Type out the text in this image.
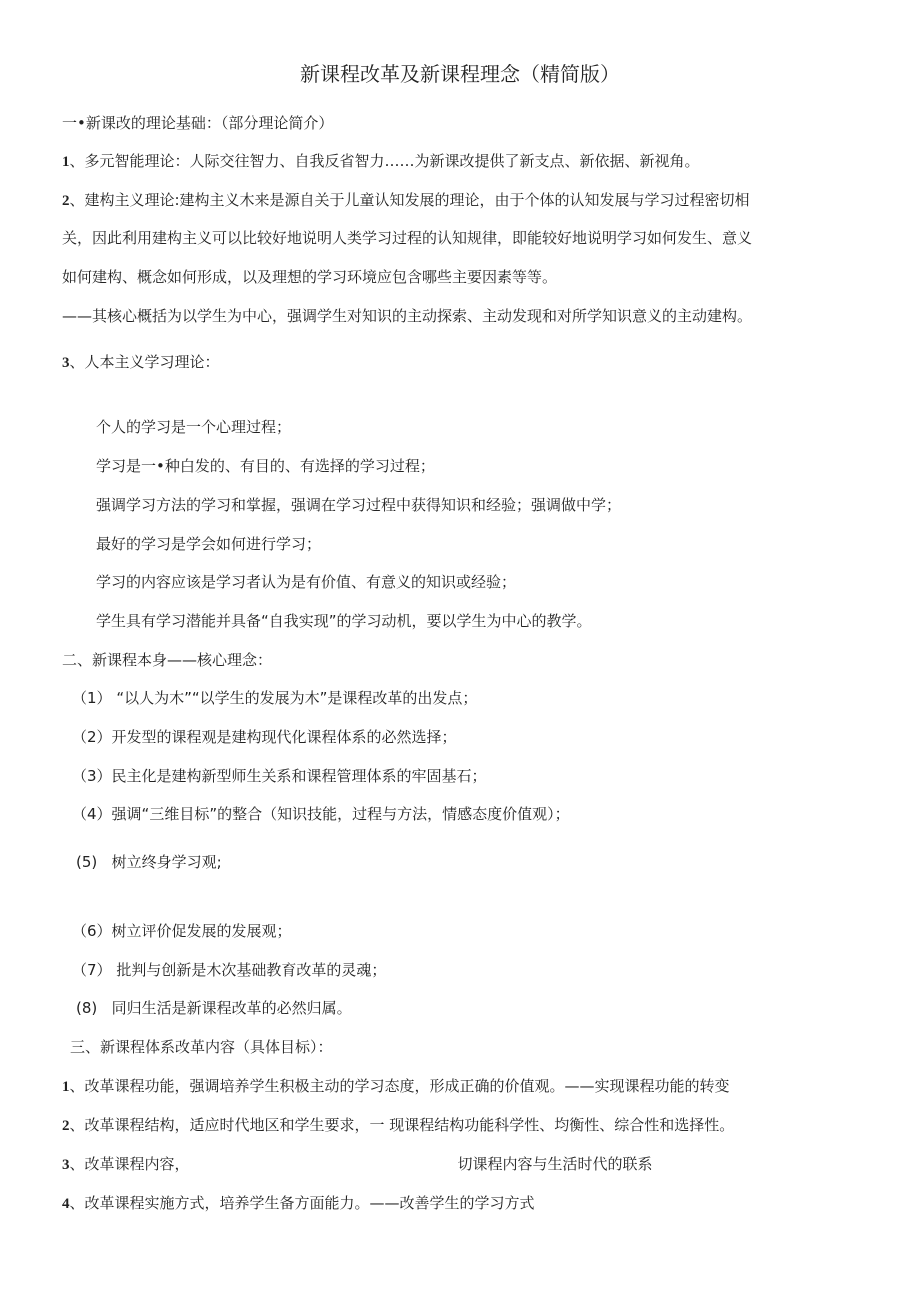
新课程改革及新课程理念（精简版）
一•新课改的理论基础：（部分理论简介）
1、多元智能理论：人际交往智力、自我反省智力……为新课改提供了新支点、新依据、新视角。
2、建构主义理论:建构主义木来是源自关于儿童认知发展的理论，由于个体的认知发展与学习过程密切相
关，因此利用建构主义可以比较好地说明人类学习过程的认知规律，即能较好地说明学习如何发生、意义
如何建构、概念如何形成，以及理想的学习环境应包含哪些主要因素等等。
——其核心概括为以学生为中心，强调学生对知识的主动探索、主动发现和对所学知识意义的主动建构。
3、人本主义学习理论：
个人的学习是一个心理过程；
学习是一•种白发的、有目的、有选择的学习过程；
强调学习方法的学习和掌握，强调在学习过程中获得知识和经验；强调做中学；
最好的学习是学会如何进行学习；
学习的内容应该是学习者认为是有价值、有意义的知识或经验；
学生具有学习潜能并具备“自我实现”的学习动机，要以学生为中心的教学。
二、新课程本身——核心理念：
（1） “以人为木”“以学生的发展为木”是课程改革的出发点；
（2）开发型的课程观是建构现代化课程体系的必然选择；
（3）民主化是建构新型师生关系和课程管理体系的牢固基石；
（4）强调“三维目标”的整合（知识技能，过程与方法，情感态度价值观）；
(5) 树立终身学习观;
（6）树立评价促发展的发展观；
（7） 批判与创新是木次基础教育改革的灵魂；
(8) 同归生活是新课程改革的必然归属。
三、新课程体系改革内容（具体目标）：
1、改革课程功能，强调培养学生积极主动的学习态度，形成正确的价值观。——实现课程功能的转变
2、改革课程结构，适应时代地区和学生要求，一 现课程结构功能科学性、均衡性、综合性和选择性。
3、改革课程内容，	切课程内容与生活时代的联系
4、改革课程实施方式，培养学生备方面能力。——改善学生的学习方式
